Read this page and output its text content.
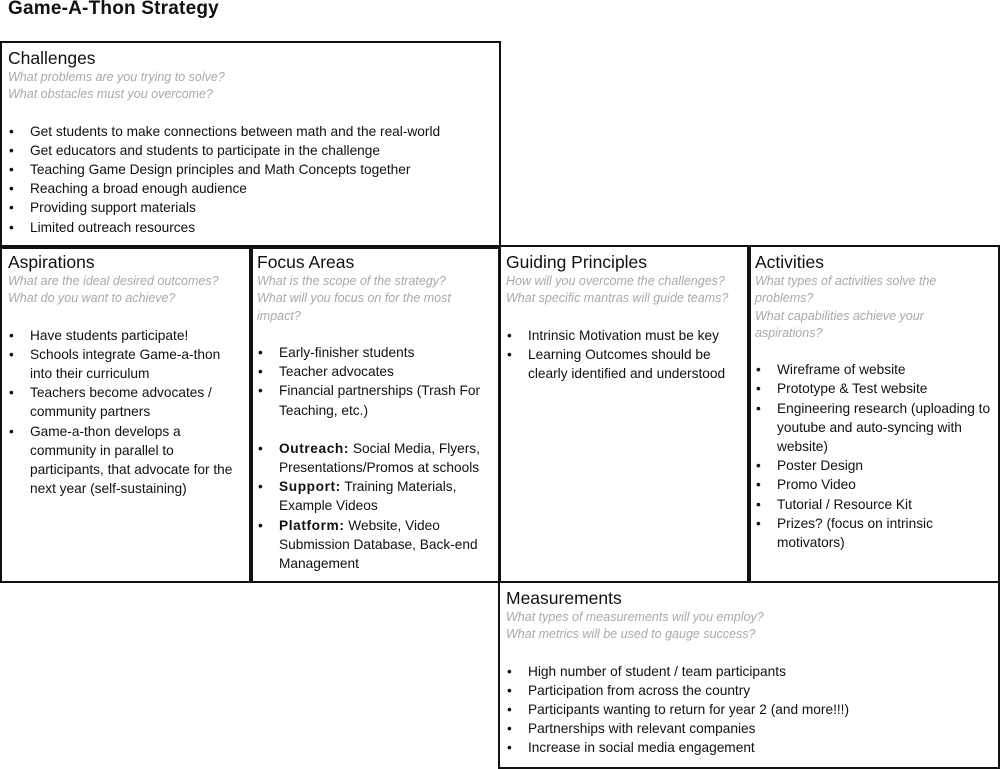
Game-A-Thon Strategy
Challenges
What problems are you trying to solve?
What obstacles must you overcome?
• Get students to make connections between math and the real-world
• Get educators and students to participate in the challenge
• Teaching Game Design principles and Math Concepts together
• Reaching a broad enough audience
• Providing support materials
• Limited outreach resources
Aspirations
What are the ideal desired outcomes?
What do you want to achieve?
• Have students participate!
• Schools integrate Game-a-thon into their curriculum
• Teachers become advocates / community partners
• Game-a-thon develops a community in parallel to participants, that advocate for the next year (self-sustaining)
Focus Areas
What is the scope of the strategy?
What will you focus on for the most impact?
• Early-finisher students
• Teacher advocates
• Financial partnerships (Trash For Teaching, etc.)
• Outreach: Social Media, Flyers, Presentations/Promos at schools
• Support: Training Materials, Example Videos
• Platform: Website, Video Submission Database, Back-end Management
Guiding Principles
How will you overcome the challenges?
What specific mantras will guide teams?
• Intrinsic Motivation must be key
• Learning Outcomes should be clearly identified and understood
Activities
What types of activities solve the problems?
What capabilities achieve your aspirations?
• Wireframe of website
• Prototype & Test website
• Engineering research (uploading to youtube and auto-syncing with website)
• Poster Design
• Promo Video
• Tutorial / Resource Kit
• Prizes? (focus on intrinsic motivators)
Measurements
What types of measurements will you employ?
What metrics will be used to gauge success?
• High number of student / team participants
• Participation from across the country
• Participants wanting to return for year 2 (and more!!!)
• Partnerships with relevant companies
• Increase in social media engagement
